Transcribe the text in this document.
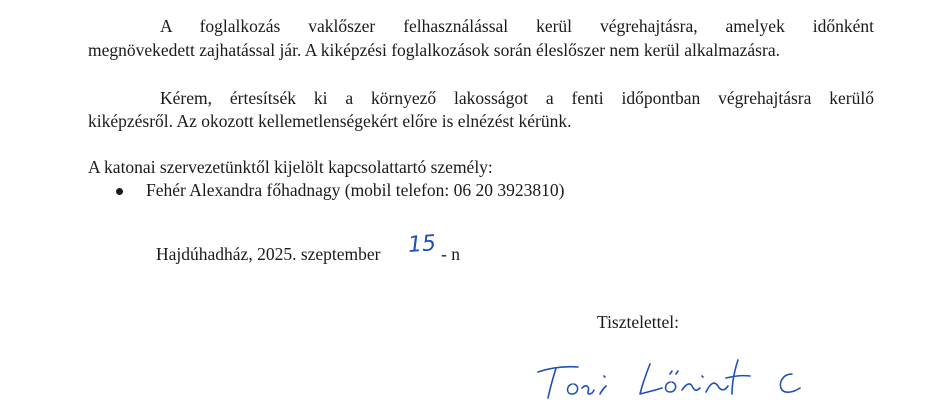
A foglalkozás vaklőszer felhasználással kerül végrehajtásra, amelyek időnként
megnövekedett zajhatással jár. A kiképzési foglalkozások során éleslőszer nem kerül alkalmazásra.
Kérem, értesítsék ki a környező lakosságot a fenti időpontban végrehajtásra kerülő
kiképzésről. Az okozott kellemetlenségekért előre is elnézést kérünk.
A katonai szervezetünktől kijelölt kapcsolattartó személy:
Fehér Alexandra főhadnagy (mobil telefon: 06 20 3923810)
Hajdúhadház, 2025. szeptember 15 - n
Tisztelettel:
